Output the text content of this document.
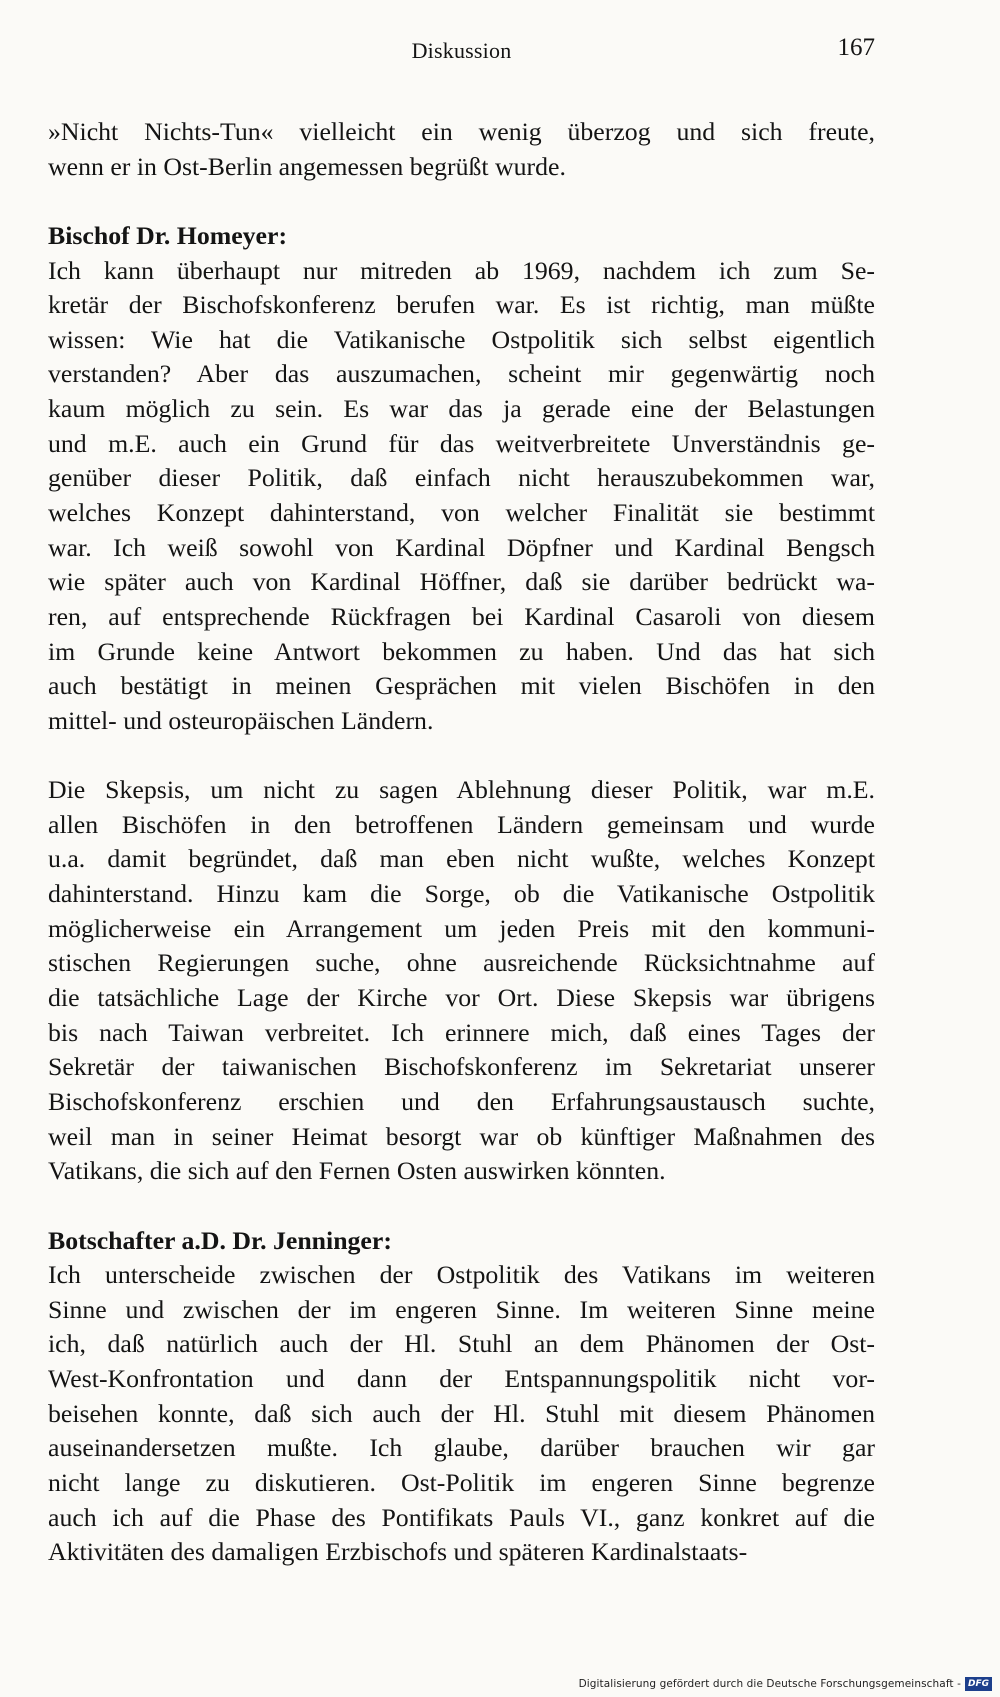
Diskussion	167
»Nicht Nichts-Tun« vielleicht ein wenig überzog und sich freute,
wenn er in Ost-Berlin angemessen begrüßt wurde.
Bischof Dr. Homeyer:
Ich kann überhaupt nur mitreden ab 1969, nachdem ich zum Se-
kretär der Bischofskonferenz berufen war. Es ist richtig, man müßte
wissen: Wie hat die Vatikanische Ostpolitik sich selbst eigentlich
verstanden? Aber das auszumachen, scheint mir gegenwärtig noch
kaum möglich zu sein. Es war das ja gerade eine der Belastungen
und m.E. auch ein Grund für das weitverbreitete Unverständnis ge-
genüber dieser Politik, daß einfach nicht herauszubekommen war,
welches Konzept dahinterstand, von welcher Finalität sie bestimmt
war. Ich weiß sowohl von Kardinal Döpfner und Kardinal Bengsch
wie später auch von Kardinal Höffner, daß sie darüber bedrückt wa-
ren, auf entsprechende Rückfragen bei Kardinal Casaroli von diesem
im Grunde keine Antwort bekommen zu haben. Und das hat sich
auch bestätigt in meinen Gesprächen mit vielen Bischöfen in den
mittel- und osteuropäischen Ländern.
Die Skepsis, um nicht zu sagen Ablehnung dieser Politik, war m.E.
allen Bischöfen in den betroffenen Ländern gemeinsam und wurde
u.a. damit begründet, daß man eben nicht wußte, welches Konzept
dahinterstand. Hinzu kam die Sorge, ob die Vatikanische Ostpolitik
möglicherweise ein Arrangement um jeden Preis mit den kommuni-
stischen Regierungen suche, ohne ausreichende Rücksichtnahme auf
die tatsächliche Lage der Kirche vor Ort. Diese Skepsis war übrigens
bis nach Taiwan verbreitet. Ich erinnere mich, daß eines Tages der
Sekretär der taiwanischen Bischofskonferenz im Sekretariat unserer
Bischofskonferenz erschien und den Erfahrungsaustausch suchte,
weil man in seiner Heimat besorgt war ob künftiger Maßnahmen des
Vatikans, die sich auf den Fernen Osten auswirken könnten.
Botschafter a.D. Dr. Jenninger:
Ich unterscheide zwischen der Ostpolitik des Vatikans im weiteren
Sinne und zwischen der im engeren Sinne. Im weiteren Sinne meine
ich, daß natürlich auch der Hl. Stuhl an dem Phänomen der Ost-
West-Konfrontation und dann der Entspannungspolitik nicht vor-
beisehen konnte, daß sich auch der Hl. Stuhl mit diesem Phänomen
auseinandersetzen mußte. Ich glaube, darüber brauchen wir gar
nicht lange zu diskutieren. Ost-Politik im engeren Sinne begrenze
auch ich auf die Phase des Pontifikats Pauls VI., ganz konkret auf die
Aktivitäten des damaligen Erzbischofs und späteren Kardinalstaats-
Digitalisierung gefördert durch die Deutsche Forschungsgemeinschaft - DFG
